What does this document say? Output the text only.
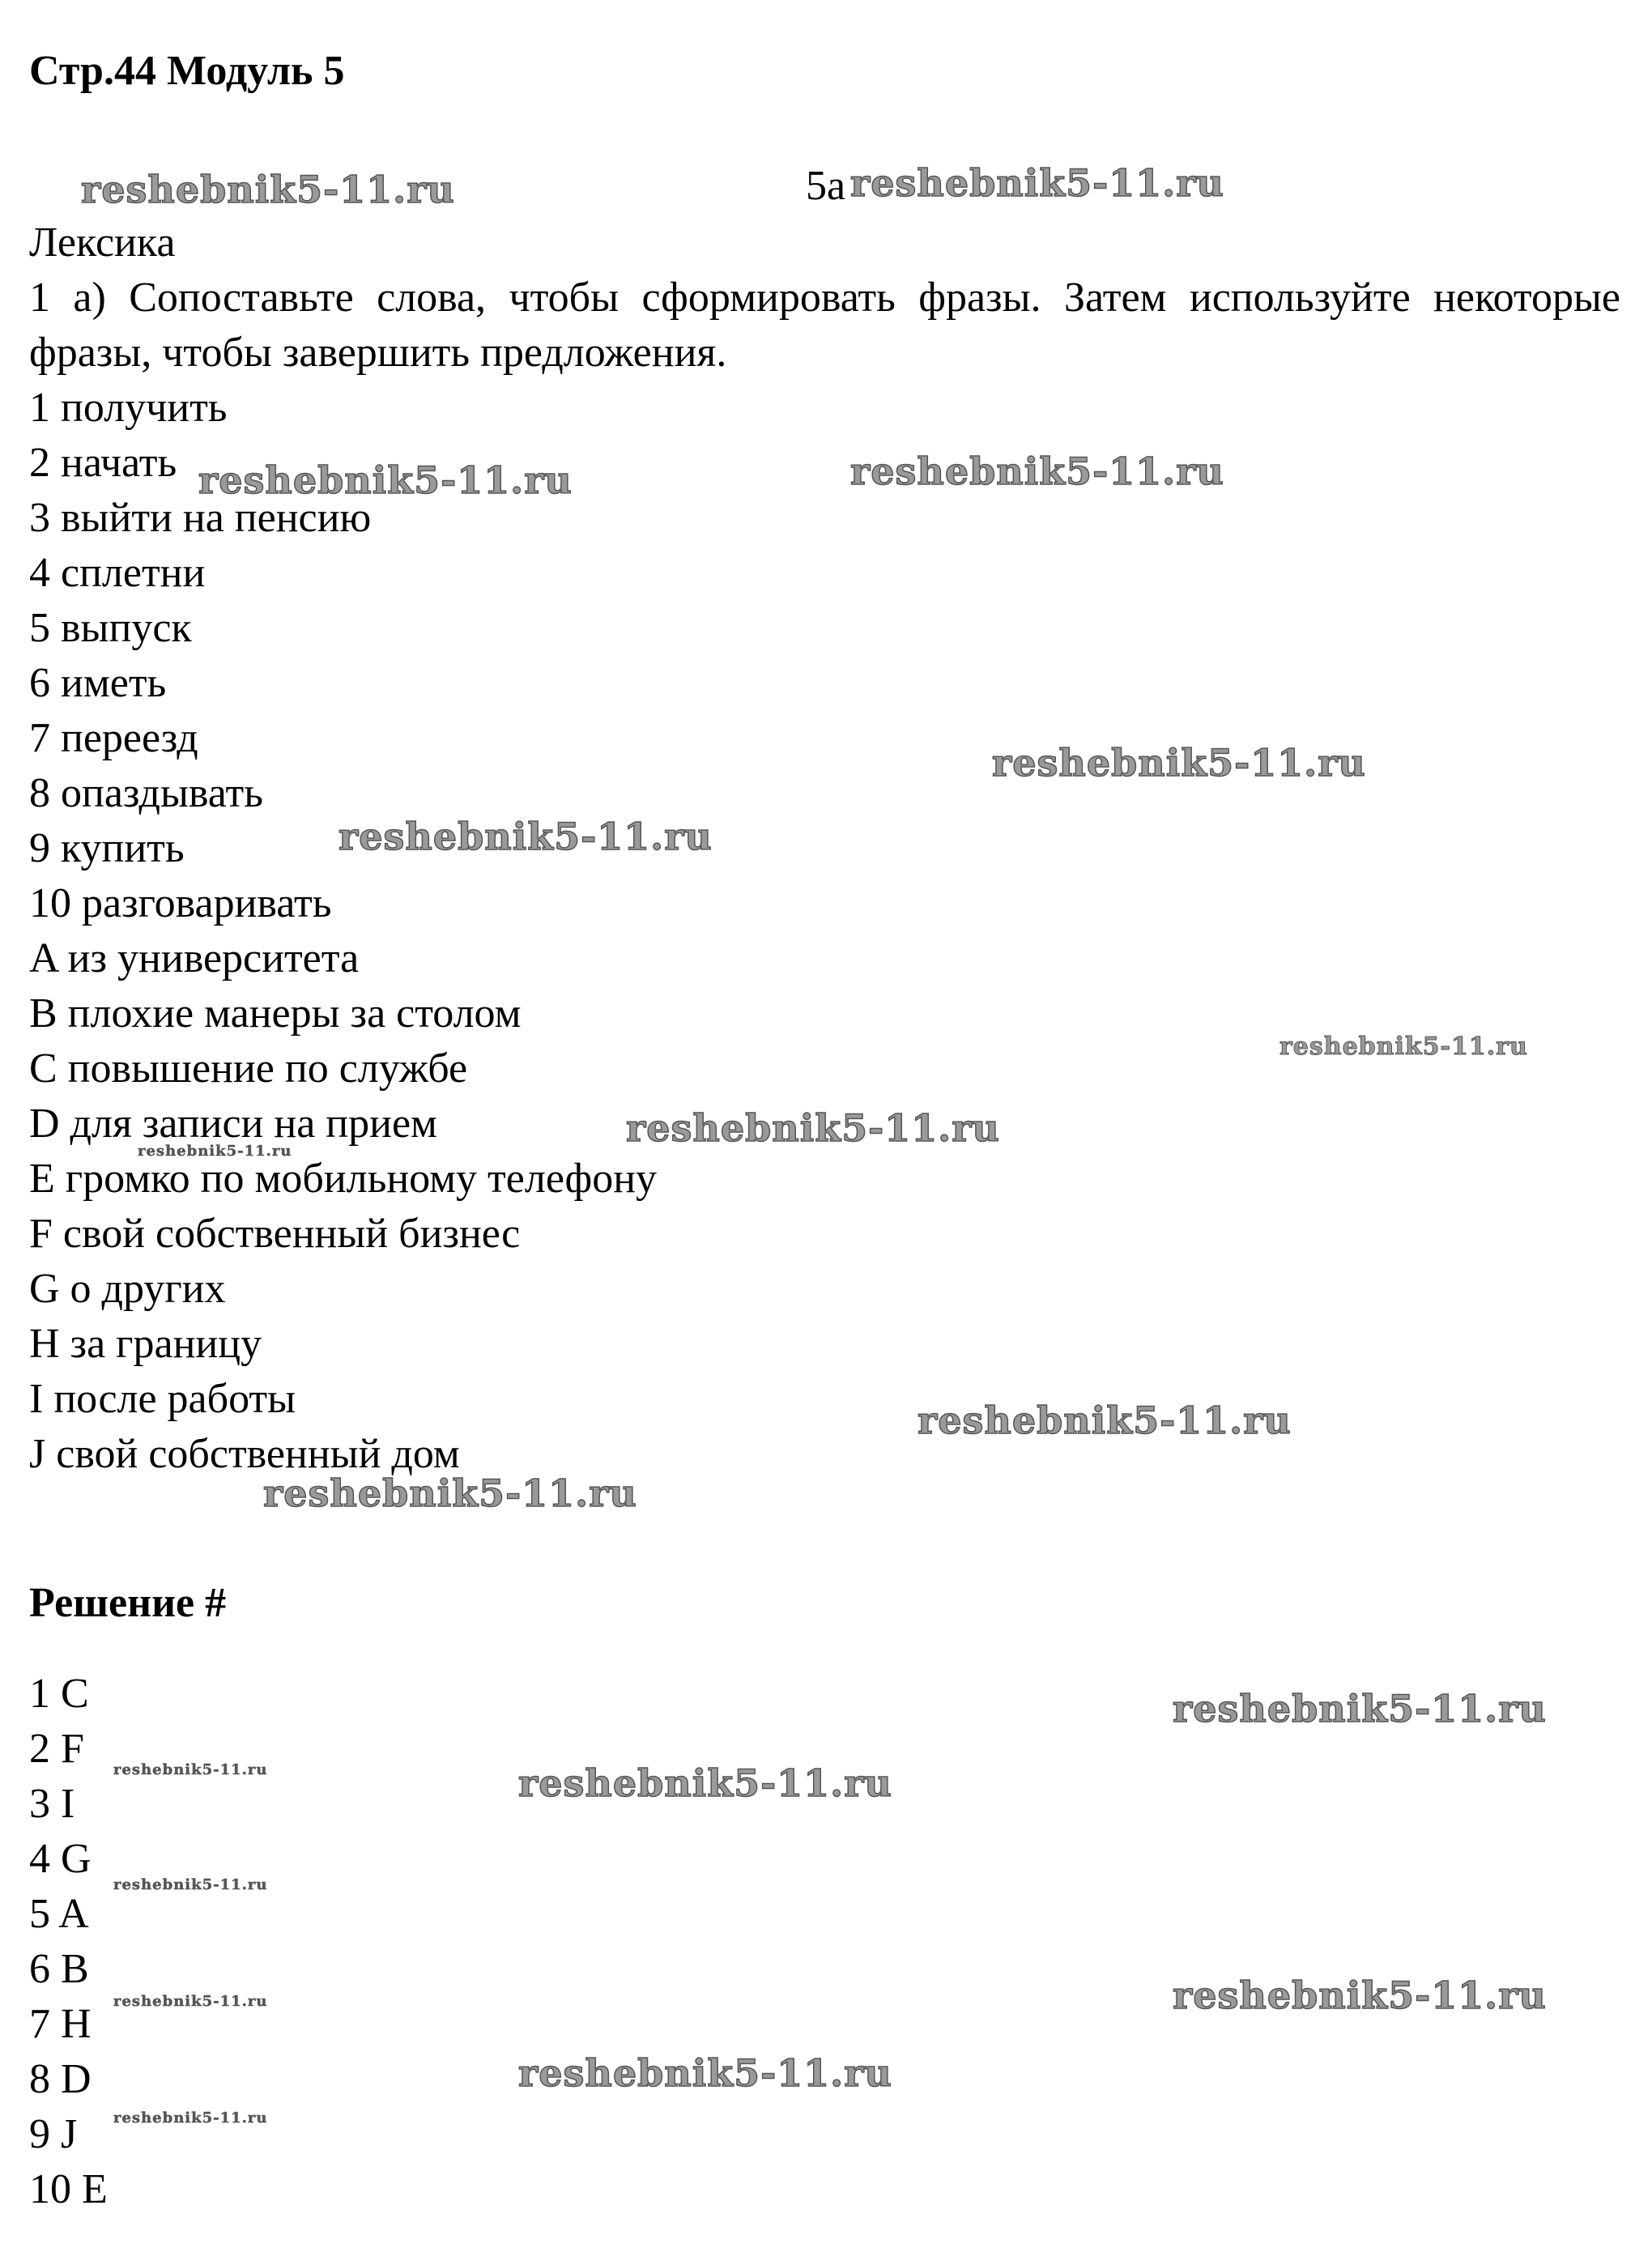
Стр.44 Модуль 5
5a
Лексика
1 a) Сопоставьте слова, чтобы сформировать фразы. Затем используйте некоторые фразы, чтобы завершить предложения.
1 получить
2 начать
3 выйти на пенсию
4 сплетни
5 выпуск
6 иметь
7 переезд
8 опаздывать
9 купить
10 разговаривать
A из университета
B плохие манеры за столом
C повышение по службе
D для записи на прием
E громко по мобильному телефону
F свой собственный бизнес
G о других
H за границу
I после работы
J свой собственный дом
Решение #
1 C
2 F
3 I
4 G
5 A
6 B
7 H
8 D
9 J
10 E
reshebnik5-11.ru	reshebnik5-11.ru
reshebnik5-11.ru	reshebnik5-11.ru
reshebnik5-11.ru
reshebnik5-11.ru
reshebnik5-11.ru
reshebnik5-11.ru
reshebnik5-11.ru
reshebnik5-11.ru
reshebnik5-11.ru
reshebnik5-11.ru
reshebnik5-11.ru	reshebnik5-11.ru
reshebnik5-11.ru
reshebnik5-11.ru
reshebnik5-11.ru
reshebnik5-11.ru
reshebnik5-11.ru
